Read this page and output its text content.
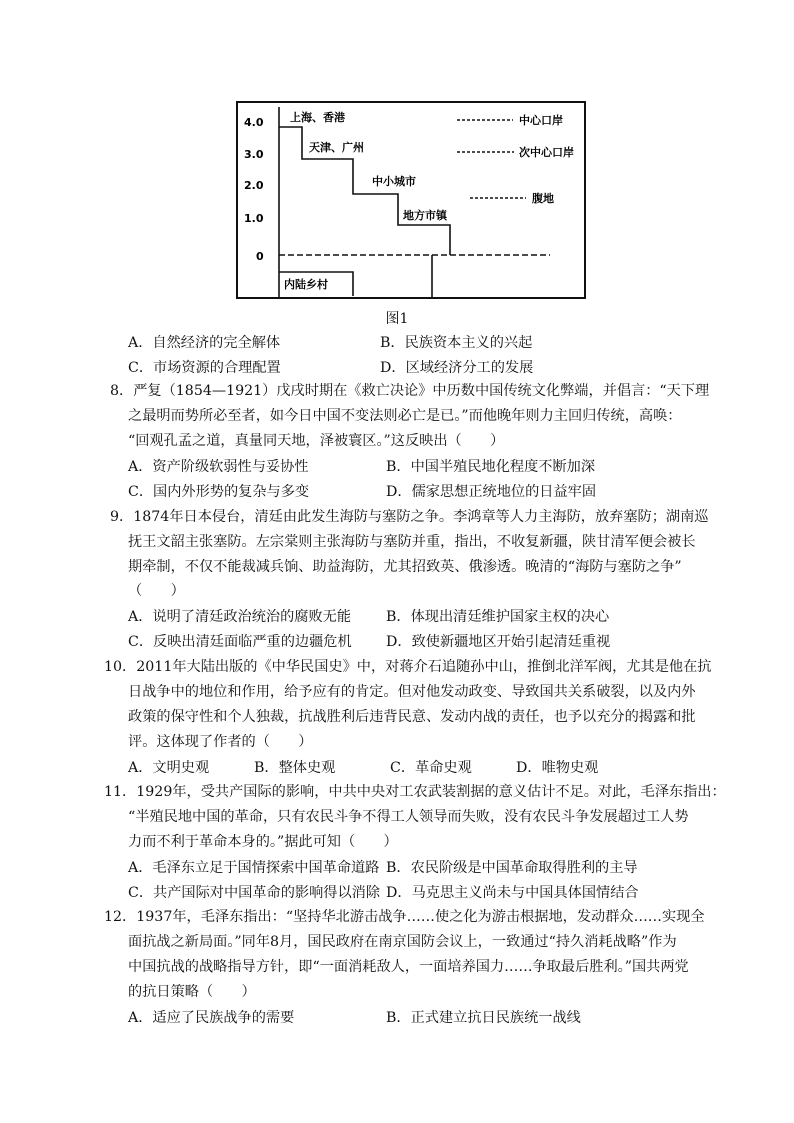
4.0
3.0
2.0
1.0
0
上海、香港
天津、广州
中小城市
地方市镇
内陆乡村
中心口岸
次中心口岸
腹地
图1
A．自然经济的完全解体	B．民族资本主义的兴起
C．市场资源的合理配置	D．区域经济分工的发展
8．严复（1854—1921）戊戌时期在《救亡决论》中历数中国传统文化弊端，并倡言：“天下理
之最明而势所必至者，如今日中国不变法则必亡是已。”而他晚年则力主回归传统，高唤：
“回观孔孟之道，真量同天地，泽被寰区。”这反映出（　　）
A．资产阶级软弱性与妥协性	B．中国半殖民地化程度不断加深
C．国内外形势的复杂与多变	D．儒家思想正统地位的日益牢固
9．1874年日本侵台，清廷由此发生海防与塞防之争。李鸿章等人力主海防，放弃塞防；湖南巡
抚王文韶主张塞防。左宗棠则主张海防与塞防并重，指出，不收复新疆，陕甘清军便会被长
期牵制，不仅不能裁减兵饷、助益海防，尤其招致英、俄渗透。晚清的“海防与塞防之争”
（　　）
A．说明了清廷政治统治的腐败无能 B．体现出清廷维护国家主权的决心
C．反映出清廷面临严重的边疆危机 D．致使新疆地区开始引起清廷重视
10．2011年大陆出版的《中华民国史》中，对蒋介石追随孙中山，推倒北洋军阀，尤其是他在抗
日战争中的地位和作用，给予应有的肯定。但对他发动政变、导致国共关系破裂，以及内外
政策的保守性和个人独裁，抗战胜利后违背民意、发动内战的责任，也予以充分的揭露和批
评。这体现了作者的（　　）
A．文明史观	B．整体史观	C．革命史观	D．唯物史观
11．1929年，受共产国际的影响，中共中央对工农武装割据的意义估计不足。对此，毛泽东指出：
“半殖民地中国的革命，只有农民斗争不得工人领导而失败，没有农民斗争发展超过工人势
力而不利于革命本身的。”据此可知（　　）
A．毛泽东立足于国情探索中国革命道路 B．农民阶级是中国革命取得胜利的主导
C．共产国际对中国革命的影响得以消除 D．马克思主义尚未与中国具体国情结合
12．1937年，毛泽东指出：“坚持华北游击战争……使之化为游击根据地，发动群众……实现全
面抗战之新局面。”同年8月，国民政府在南京国防会议上，一致通过“持久消耗战略”作为
中国抗战的战略指导方针，即“一面消耗敌人，一面培养国力……争取最后胜利。”国共两党
的抗日策略（　　）
A．适应了民族战争的需要	B．正式建立抗日民族统一战线
